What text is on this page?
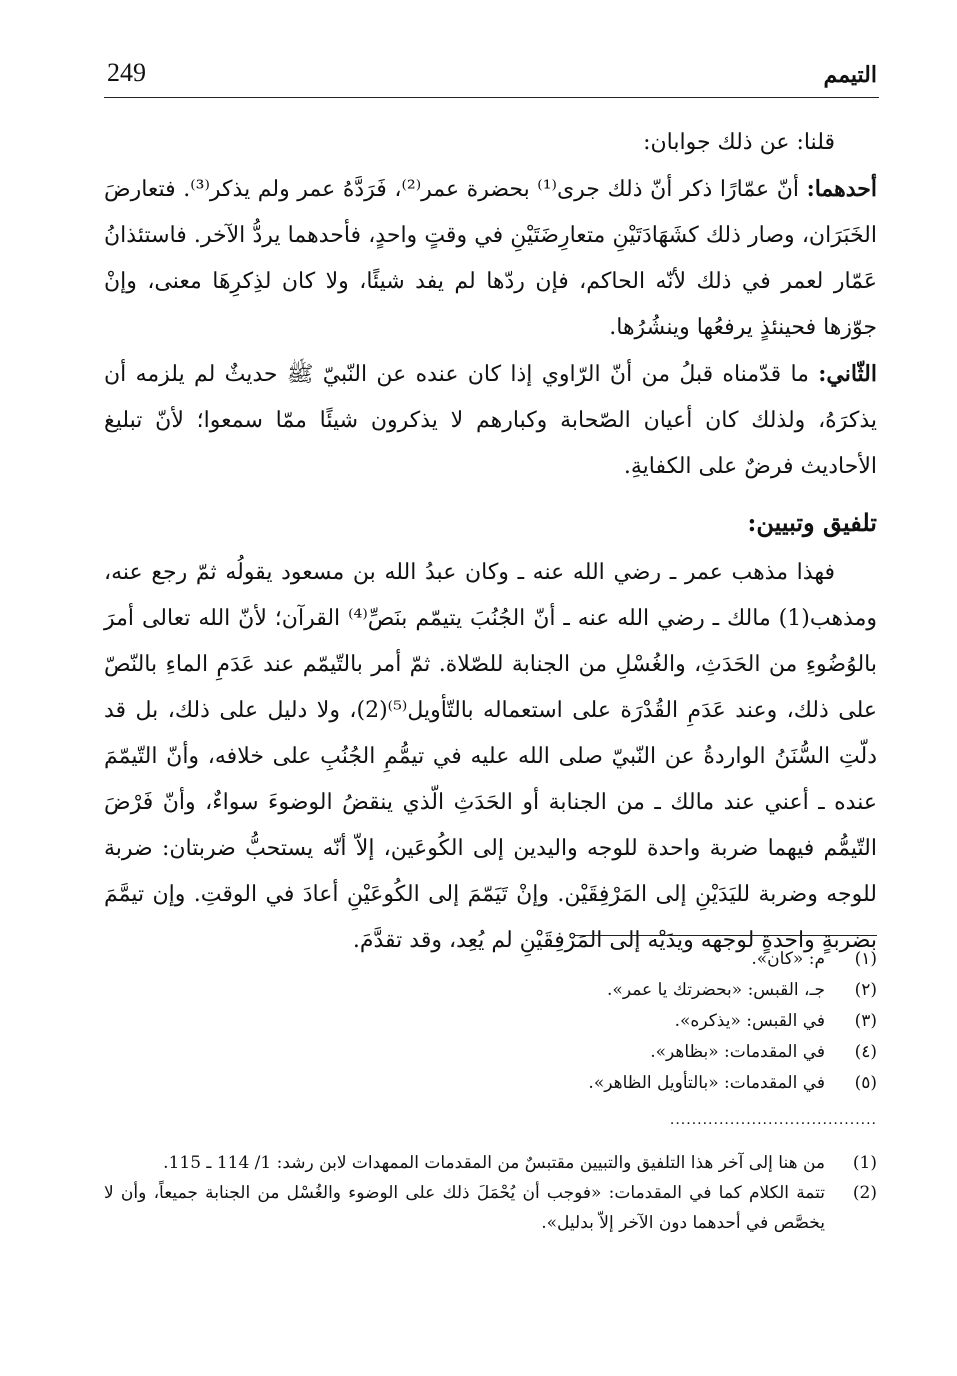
249	التيمم

قلنا: عن ذلك جوابان:

أحدهما: أنّ عمّارًا ذكر أنّ ذلك جرى⁽¹⁾ بحضرة عمر⁽²⁾، فَرَدَّهُ عمر ولم يذكر⁽³⁾. فتعارضَ الخَبَرَان، وصار ذلك كشَهَادَتَيْنِ متعارِضَتَيْنِ في وقتٍ واحدٍ، فأحدهما يردُّ الآخر. فاستئذانُ عَمّار لعمر في ذلك لأنّه الحاكم، فإن ردّها لم يفد شيئًا، ولا كان لذِكرِهَا معنى، وإنْ جوّزها فحينئذٍ يرفعُها وينشُرُها.

الثّاني: ما قدّمناه قبلُ من أنّ الرّاوي إذا كان عنده عن النّبيّ ﷺ حديثٌ لم يلزمه أن يذكرَهُ، ولذلك كان أعيان الصّحابة وكبارهم لا يذكرون شيئًا ممّا سمعوا؛ لأنّ تبليغ الأحاديث فرضٌ على الكفايةِ.

تلفيق وتبيين:

فهذا مذهب عمر ـ رضي الله عنه ـ وكان عبدُ الله بن مسعود يقولُه ثمّ رجع عنه، ومذهب(1) مالك ـ رضي الله عنه ـ أنّ الجُنُبَ يتيمّم بنَصِّ⁽⁴⁾ القرآن؛ لأنّ الله تعالى أمرَ بالوُضُوءِ من الحَدَثِ، والغُسْلِ من الجنابة للصّلاة. ثمّ أمر بالتّيمّم عند عَدَمِ الماءِ بالنّصّ على ذلك، وعند عَدَمِ القُدْرَة على استعماله بالتّأويل⁽⁵⁾(2)، ولا دليل على ذلك، بل قد دلّتِ السُّنَنُ الواردةُ عن النّبيّ صلى الله عليه في تيمُّمِ الجُنُبِ على خلافه، وأنّ التّيمّمَ عنده ـ أعني عند مالك ـ من الجنابة أو الحَدَثِ الّذي ينقضُ الوضوءَ سواءٌ، وأنّ فَرْضَ التّيمُّم فيهما ضربة واحدة للوجه واليدين إلى الكُوعَين، إلاّ أنّه يستحبُّ ضربتان: ضربة للوجه وضربة لليَدَيْنِ إلى المَرْفِقَيْن. وإنْ تَيَمّمَ إلى الكُوعَيْنِ أعادَ في الوقتِ. وإن تيمَّمَ بضربةٍ واحدةٍ لوجهه ويدَيْه إلى المَرْفِقَيْنِ لم يُعِد، وقد تقدَّمَ.

(١)
م: «كان».
(٢)
جـ، القبس: «بحضرتك يا عمر».
(٣)
في القبس: «يذكره».
(٤)
في المقدمات: «بظاهر».
(٥)
في المقدمات: «بالتأويل الظاهر».
......................................
(1)
من هنا إلى آخر هذا التلفيق والتبيين مقتبسٌ من المقدمات الممهدات لابن رشد: 1/ 114 ـ 115.
(2)
تتمة الكلام كما في المقدمات: «فوجب أن يُحْمَلَ ذلك على الوضوء والغُسْل من الجنابة جميعاً، وأن لا يخصَّص في أحدهما دون الآخر إلاّ بدليل».
